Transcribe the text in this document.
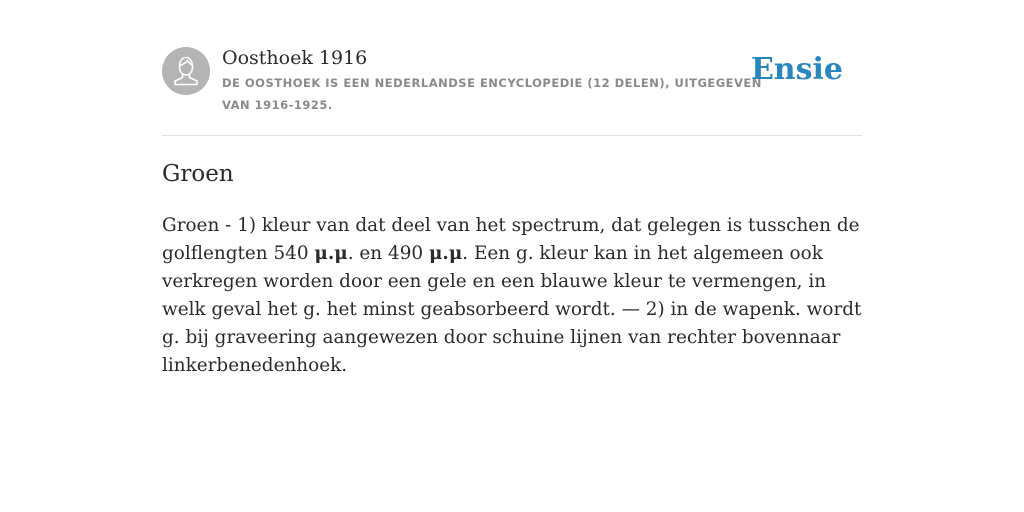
Oosthoek 1916
DE OOSTHOEK IS EEN NEDERLANDSE ENCYCLOPEDIE (12 DELEN), UITGEGEVEN VAN 1916-1925.
Ensie
Groen

Groen - 1) kleur van dat deel van het spectrum, dat gelegen is tusschen de golflengten 540 μ.μ. en 490 μ.μ. Een g. kleur kan in het algemeen ook verkregen worden door een gele en een blauwe kleur te vermengen, in welk geval het g. het minst geabsorbeerd wordt. — 2) in de wapenk. wordt g. bij graveering aangewezen door schuine lijnen van rechter bovennaar linkerbenedenhoek.
